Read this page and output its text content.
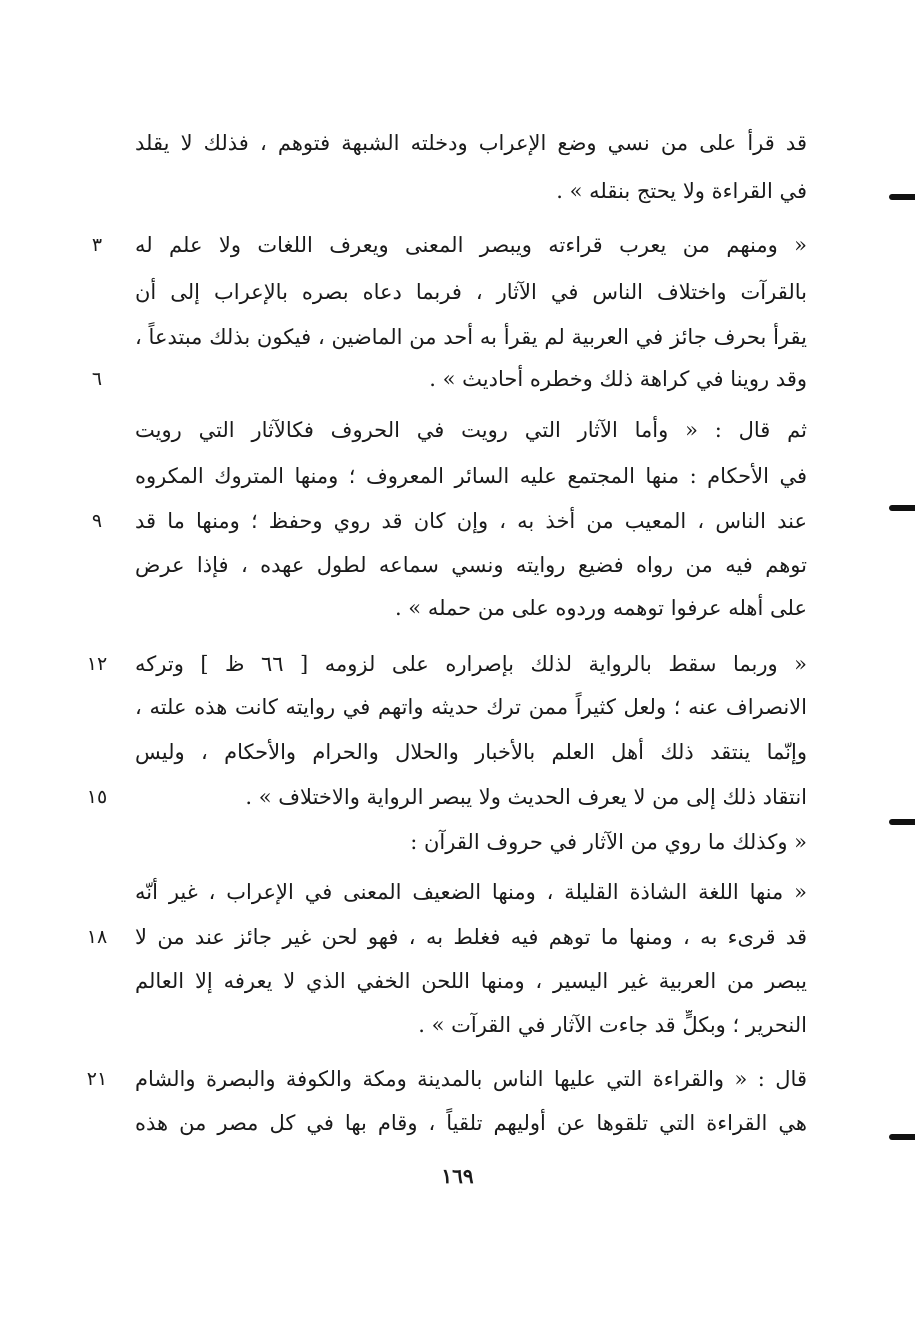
قد قرأ على من نسي وضع الإعراب ودخلته الشبهة فتوهم ، فذلك لا يقلد
في القراءة ولا يحتج بنقله » .
« ومنهم من يعرب قراءته ويبصر المعنى ويعرف اللغات ولا علم له
بالقرآت واختلاف الناس في الآثار ، فربما دعاه بصره بالإعراب إلى أن
يقرأ بحرف جائز في العربية لم يقرأ به أحد من الماضين ، فيكون بذلك مبتدعاً ،
وقد روينا في كراهة ذلك وخطره أحاديث » .
ثم قال : « وأما الآثار التي رويت في الحروف فكالآثار التي رويت
في الأحكام : منها المجتمع عليه السائر المعروف ؛ ومنها المتروك المكروه
عند الناس ، المعيب من أخذ به ، وإن كان قد روي وحفظ ؛ ومنها ما قد
توهم فيه من رواه فضيع روايته ونسي سماعه لطول عهده ، فإذا عرض
على أهله عرفوا توهمه وردوه على من حمله » .
« وربما سقط بالرواية لذلك بإصراره على لزومه [ ٦٦ ظ ] وتركه
الانصراف عنه ؛ ولعل كثيراً ممن ترك حديثه واتهم في روايته كانت هذه علته ،
وإنّما ينتقد ذلك أهل العلم بالأخبار والحلال والحرام والأحكام ، وليس
انتقاد ذلك إلى من لا يعرف الحديث ولا يبصر الرواية والاختلاف » .
« وكذلك ما روي من الآثار في حروف القرآن :
« منها اللغة الشاذة القليلة ، ومنها الضعيف المعنى في الإعراب ، غير أنّه
قد قرىء به ، ومنها ما توهم فيه فغلط به ، فهو لحن غير جائز عند من لا
يبصر من العربية غير اليسير ، ومنها اللحن الخفي الذي لا يعرفه إلا العالم
النحرير ؛ وبكلٍّ قد جاءت الآثار في القرآت » .
قال : « والقراءة التي عليها الناس بالمدينة ومكة والكوفة والبصرة والشام
هي القراءة التي تلقوها عن أوليهم تلقياً ، وقام بها في كل مصر من هذه
٣
٦
٩
١٢
١٥
١٨
٢١
١٦٩
